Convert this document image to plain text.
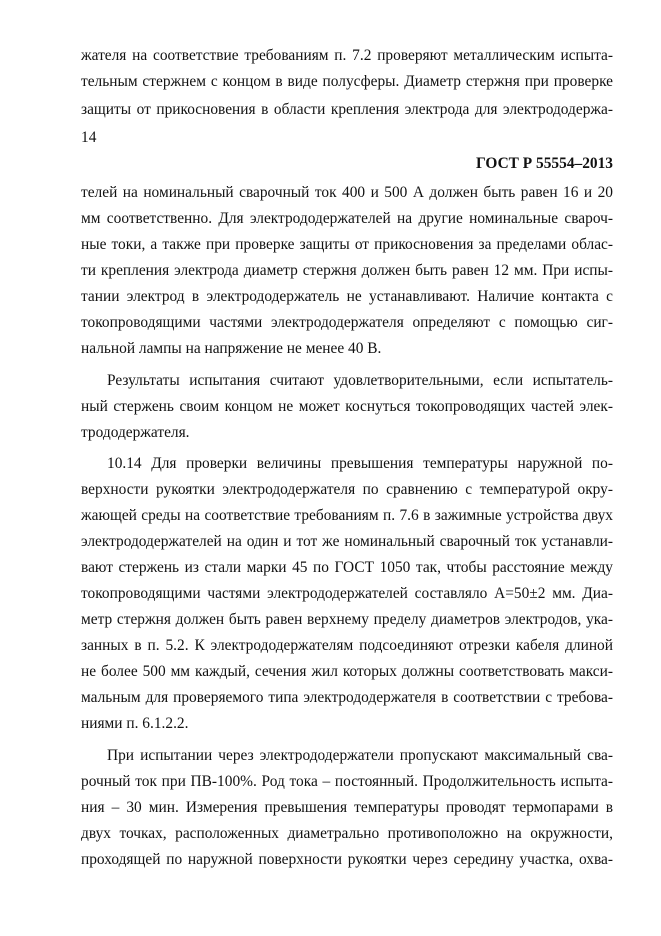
жателя на соответствие требованиям п. 7.2 проверяют металлическим испыта-
тельным стержнем с концом в виде полусферы. Диаметр стержня при проверке
защиты от прикосновения в области крепления электрода для электрододержа-
14
ГОСТ Р 55554–2013
телей на номинальный сварочный ток 400 и 500 А должен быть равен 16 и 20
мм соответственно. Для электрододержателей на другие номинальные свароч-
ные токи, а также при проверке защиты от прикосновения за пределами облас-
ти крепления электрода диаметр стержня должен быть равен 12 мм. При испы-
тании электрод в электрододержатель не устанавливают. Наличие контакта с
токопроводящими частями электрододержателя определяют с помощью сиг-
нальной лампы на напряжение не менее 40 В.
Результаты испытания считают удовлетворительными, если испытатель-
ный стержень своим концом не может коснуться токопроводящих частей элек-
трододержателя.
10.14 Для проверки величины превышения температуры наружной по-
верхности рукоятки электрододержателя по сравнению с температурой окру-
жающей среды на соответствие требованиям п. 7.6 в зажимные устройства двух
электрододержателей на один и тот же номинальный сварочный ток устанавли-
вают стержень из стали марки 45 по ГОСТ 1050 так, чтобы расстояние между
токопроводящими частями электрододержателей составляло А=50±2 мм. Диа-
метр стержня должен быть равен верхнему пределу диаметров электродов, ука-
занных в п. 5.2. К электрододержателям подсоединяют отрезки кабеля длиной
не более 500 мм каждый, сечения жил которых должны соответствовать макси-
мальным для проверяемого типа электрододержателя в соответствии с требова-
ниями п. 6.1.2.2.
При испытании через электрододержатели пропускают максимальный сва-
рочный ток при ПВ-100%. Род тока – постоянный. Продолжительность испыта-
ния – 30 мин. Измерения превышения температуры проводят термопарами в
двух точках, расположенных диаметрально противоположно на окружности,
проходящей по наружной поверхности рукоятки через середину участка, охва-
